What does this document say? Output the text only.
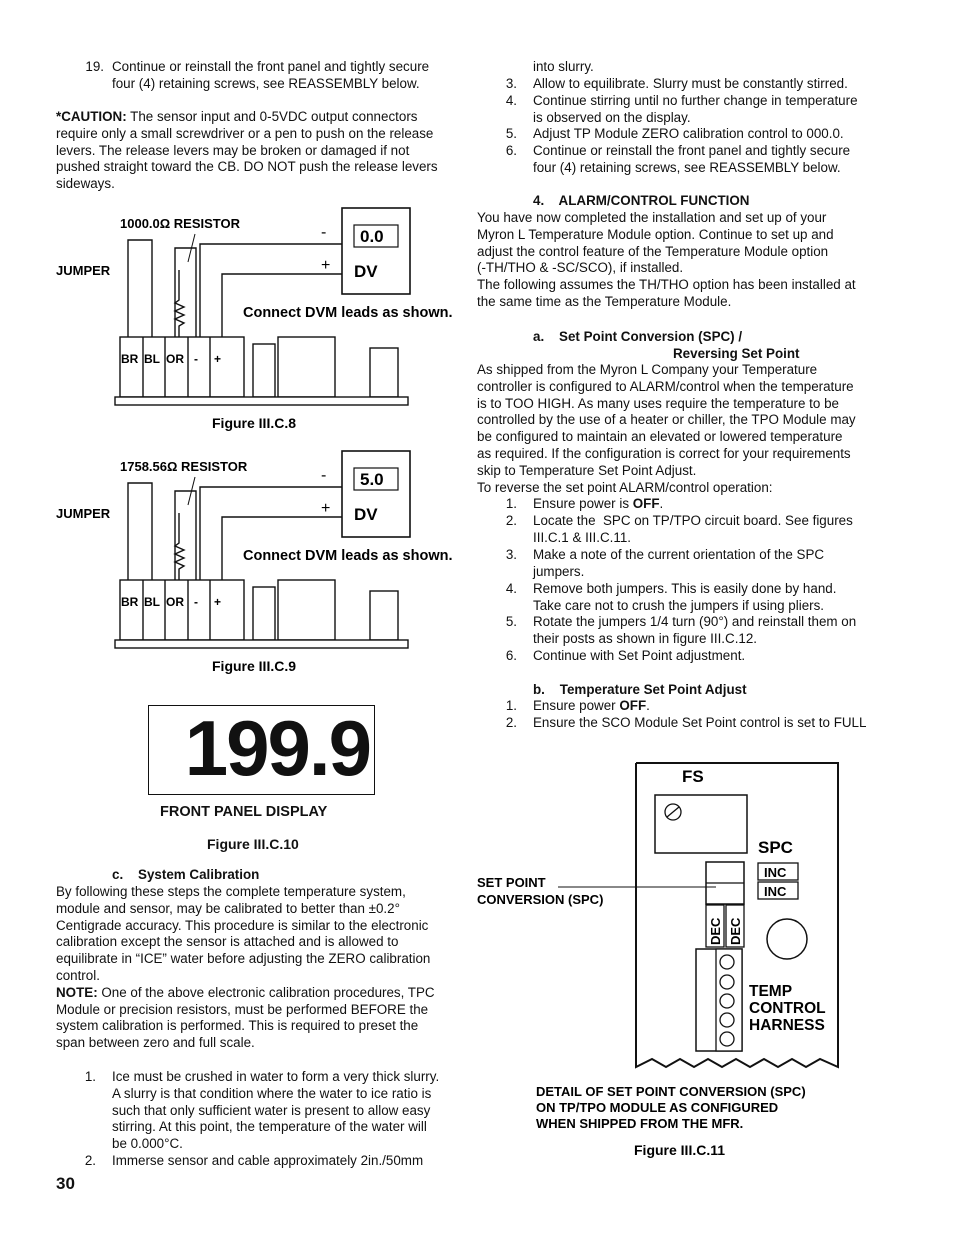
19. Continue or reinstall the front panel and tightly secure
four (4) retaining screws, see REASSEMBLY below.
*CAUTION: The sensor input and 0-5VDC output connectors
require only a small screwdriver or a pen to push on the release
levers. The release levers may be broken or damaged if not
pushed straight toward the CB. DO NOT push the release levers
sideways.
1000.0Ω RESISTOR
JUMPER
-
+
0.0
DV
Connect DVM leads as shown.
BR BL OR - +
Figure III.C.8
1758.56Ω RESISTOR
JUMPER
-
+
5.0
DV
Connect DVM leads as shown.
BR BL OR - +
Figure III.C.9
199.9
FRONT PANEL DISPLAY
Figure III.C.10
c.    System Calibration
By following these steps the complete temperature system,
module and sensor, may be calibrated to better than ±0.2°
Centigrade accuracy. This procedure is similar to the electronic
calibration except the sensor is attached and is allowed to
equilibrate in “ICE” water before adjusting the ZERO calibration
control.
NOTE: One of the above electronic calibration procedures, TPC
Module or precision resistors, must be performed BEFORE the
system calibration is performed. This is required to preset the
span between zero and full scale.
1. Ice must be crushed in water to form a very thick slurry.
A slurry is that condition where the water to ice ratio is
such that only sufficient water is present to allow easy
stirring. At this point, the temperature of the water will
be 0.000°C.
2. Immerse sensor and cable approximately 2in./50mm
30
into slurry.
3. Allow to equilibrate. Slurry must be constantly stirred.
4. Continue stirring until no further change in temperature
is observed on the display.
5. Adjust TP Module ZERO calibration control to 000.0.
6. Continue or reinstall the front panel and tightly secure
four (4) retaining screws, see REASSEMBLY below.
4.    ALARM/CONTROL FUNCTION
You have now completed the installation and set up of your
Myron L Temperature Module option. Continue to set up and
adjust the control feature of the Temperature Module option
(-TH/THO & -SC/SCO), if installed.
The following assumes the TH/THO option has been installed at
the same time as the Temperature Module.
a.    Set Point Conversion (SPC) /
Reversing Set Point
As shipped from the Myron L Company your Temperature
controller is configured to ALARM/control when the temperature
is to TOO HIGH. As many uses require the temperature to be
controlled by the use of a heater or chiller, the TPO Module may
be configured to maintain an elevated or lowered temperature
as required. If the configuration is correct for your requirements
skip to Temperature Set Point Adjust.
To reverse the set point ALARM/control operation:
1. Ensure power is OFF.
2. Locate the  SPC on TP/TPO circuit board. See figures
III.C.1 & III.C.11.
3. Make a note of the current orientation of the SPC
jumpers.
4. Remove both jumpers. This is easily done by hand.
Take care not to crush the jumpers if using pliers.
5. Rotate the jumpers 1/4 turn (90°) and reinstall them on
their posts as shown in figure III.C.12.
6. Continue with Set Point adjustment.
b.    Temperature Set Point Adjust
1. Ensure power OFF.
2. Ensure the SCO Module Set Point control is set to FULL
FS
SPC
INC
INC
DEC DEC
TEMP
CONTROL
HARNESS
SET POINT
CONVERSION (SPC)
DETAIL OF SET POINT CONVERSION (SPC)
ON TP/TPO MODULE AS CONFIGURED
WHEN SHIPPED FROM THE MFR.
Figure III.C.11
